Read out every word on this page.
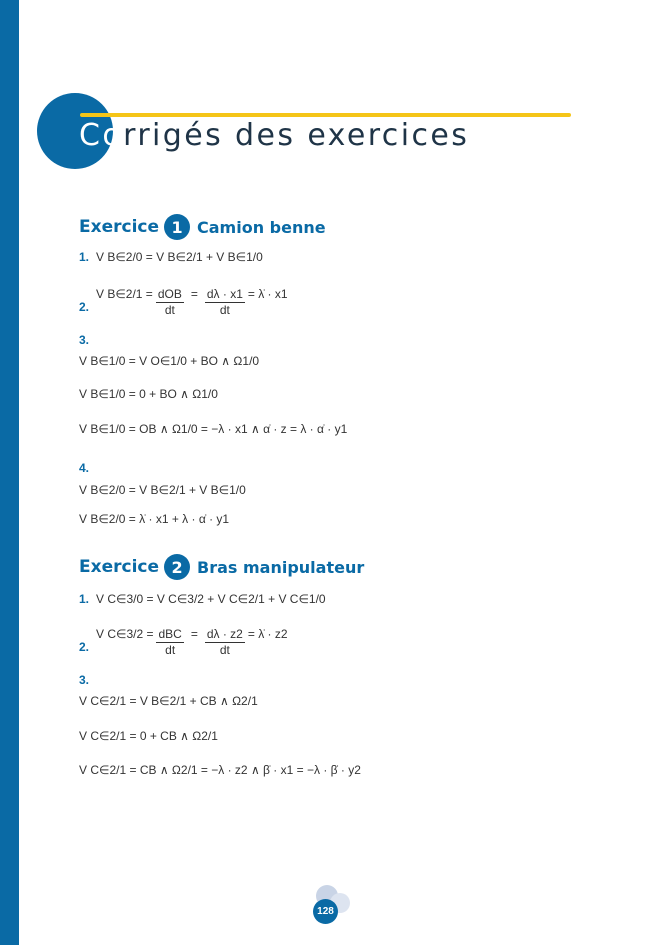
Corrigés des exercices
Exercice 1 Camion benne
1. V B∈2/0 = V B∈2/1 + V B∈1/0
2.
V B∈2/1 = $\frac{\text{dOB}}{dt} = \frac{d\lambda \cdot x1}{dt}$ = λ̇ · x1
3.
V B∈1/0 = V O∈1/0 + BO ∧ Ω1/0
V B∈1/0 = 0 + BO ∧ Ω1/0
V B∈1/0 = OB ∧ Ω1/0 = −λ · x1 ∧ α̇ · z = λ · α̇ · y1
4.
V B∈2/0 = V B∈2/1 + V B∈1/0
V B∈2/0 = λ̇ · x1 + λ · α̇ · y1
Exercice 2 Bras manipulateur
1. V C∈3/0 = V C∈3/2 + V C∈2/1 + V C∈1/0
2.
V C∈3/2 = $\frac{\text{dBC}}{dt} = \frac{d\lambda \cdot z2}{dt}$ = λ̇ · z2
3.
V C∈2/1 = V B∈2/1 + CB ∧ Ω2/1
V C∈2/1 = 0 + CB ∧ Ω2/1
V C∈2/1 = CB ∧ Ω2/1 = −λ · z2 ∧ β̇ · x1 = −λ · β̇ · y2
128
